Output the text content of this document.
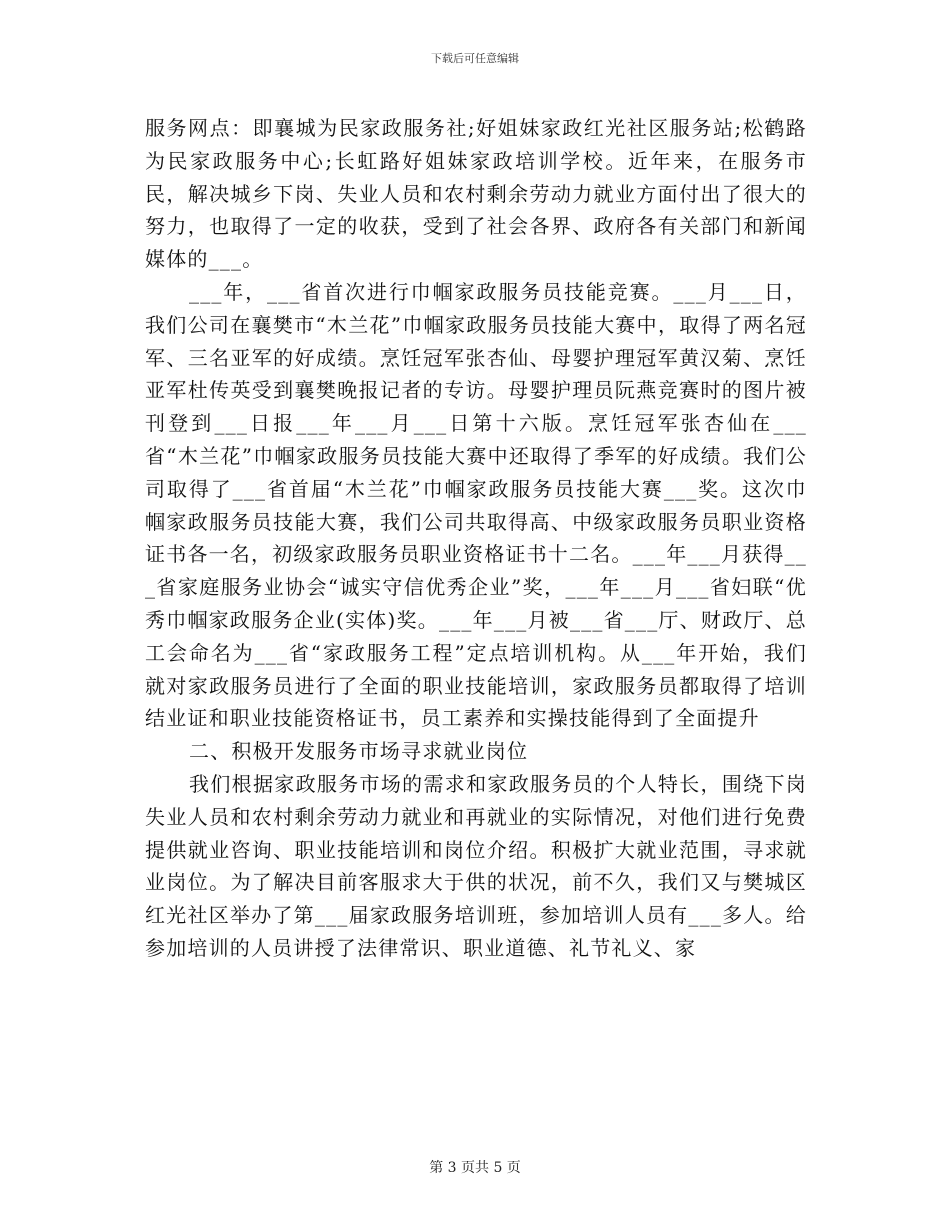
下载后可任意编辑

服务网点：即襄城为民家政服务社;好姐妹家政红光社区服务站;松鹤路为民家政服务中心;长虹路好姐妹家政培训学校。近年来，在服务市民，解决城乡下岗、失业人员和农村剩余劳动力就业方面付出了很大的努力，也取得了一定的收获，受到了社会各界、政府各有关部门和新闻媒体的___。

___年，___省首次进行巾帼家政服务员技能竞赛。___月___日，我们公司在襄樊市“木兰花”巾帼家政服务员技能大赛中，取得了两名冠军、三名亚军的好成绩。烹饪冠军张杏仙、母婴护理冠军黄汉菊、烹饪亚军杜传英受到襄樊晚报记者的专访。母婴护理员阮燕竞赛时的图片被刊登到___日报___年___月___日第十六版。烹饪冠军张杏仙在___省“木兰花”巾帼家政服务员技能大赛中还取得了季军的好成绩。我们公司取得了___省首届“木兰花”巾帼家政服务员技能大赛___奖。这次巾帼家政服务员技能大赛，我们公司共取得高、中级家政服务员职业资格证书各一名，初级家政服务员职业资格证书十二名。___年___月获得___省家庭服务业协会“诚实守信优秀企业”奖，___年___月___省妇联“优秀巾帼家政服务企业(实体)奖。___年___月被___省___厅、财政厅、总工会命名为___省“家政服务工程”定点培训机构。从___年开始，我们就对家政服务员进行了全面的职业技能培训，家政服务员都取得了培训结业证和职业技能资格证书，员工素养和实操技能得到了全面提升

二、积极开发服务市场寻求就业岗位

我们根据家政服务市场的需求和家政服务员的个人特长，围绕下岗失业人员和农村剩余劳动力就业和再就业的实际情况，对他们进行免费提供就业咨询、职业技能培训和岗位介绍。积极扩大就业范围，寻求就业岗位。为了解决目前客服求大于供的状况，前不久，我们又与樊城区红光社区举办了第___届家政服务培训班，参加培训人员有___多人。给参加培训的人员讲授了法律常识、职业道德、礼节礼义、家

第 3 页共 5 页
